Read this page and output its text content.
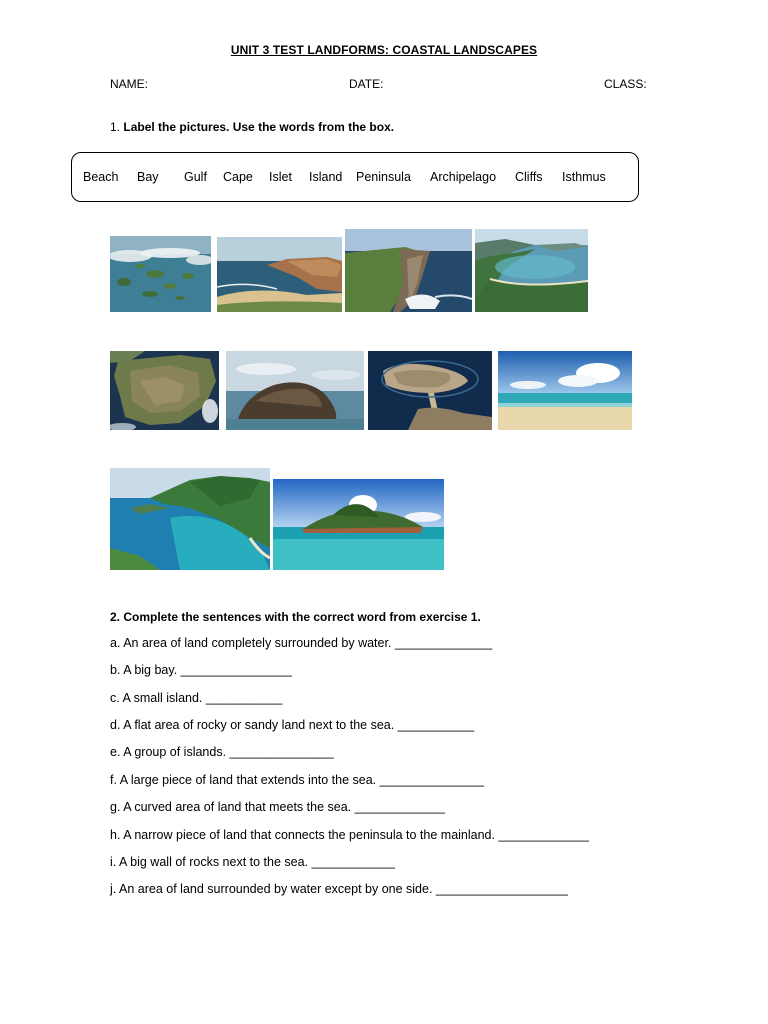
UNIT 3 TEST LANDFORMS: COASTAL LANDSCAPES
NAME:	DATE:	CLASS:
1. Label the pictures. Use the words from the box.
Beach Bay Gulf Cape Islet Island Peninsula Archipelago Cliffs Isthmus
2. Complete the sentences with the correct word from exercise 1.
a. An area of land completely surrounded by water. ______________
b. A big bay. ________________
c. A small island. ___________
d. A flat area of rocky or sandy land next to the sea. ___________
e. A group of islands. _______________
f. A large piece of land that extends into the sea. _______________
g. A curved area of land that meets the sea. _____________
h. A narrow piece of land that connects the peninsula to the mainland. _____________
i. A big wall of rocks next to the sea. ____________
j. An area of land surrounded by water except by one side. ___________________
